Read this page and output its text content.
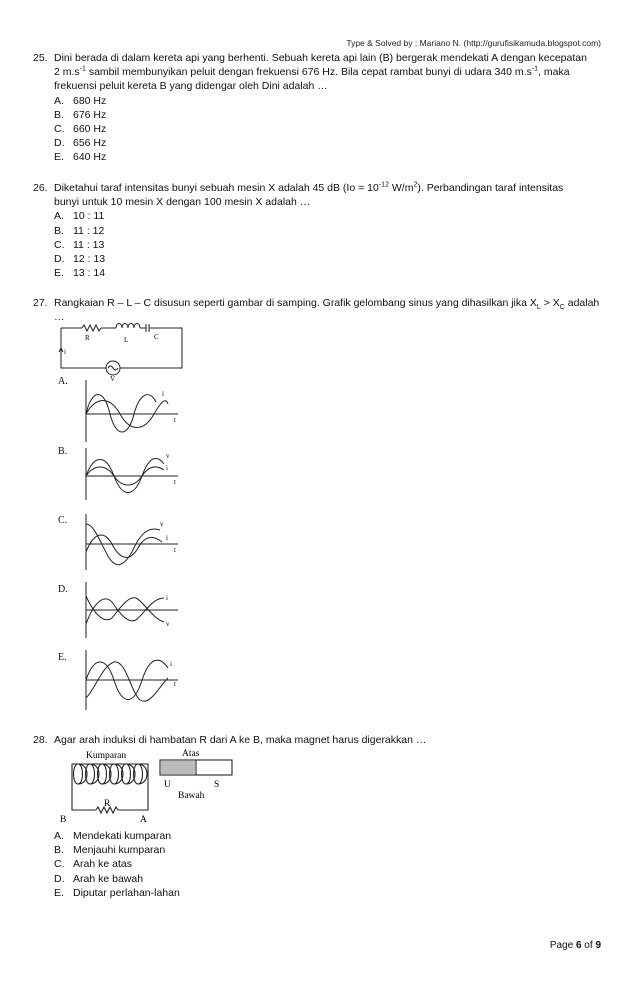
Type & Solved by : Mariano N. (http://gurufisikamuda.blogspot.com)
25. Dini berada di dalam kereta api yang berhenti. Sebuah kereta api lain (B) bergerak mendekati A dengan kecepatan
2 $m.s^{-1}$ sambil membunyikan peluit dengan frekuensi 676 Hz. Bila cepat rambat bunyi di udara 340 $m.s^{-1}$, maka
frekuensi peluit kereta B yang didengar oleh Dini adalah …
A. 680 Hz
B. 676 Hz
C. 660 Hz
D. 656 Hz
E. 640 Hz
26. Diketahui taraf intensitas bunyi sebuah mesin X adalah 45 dB ($Io = 10^{-12}$ $W/m^2$). Perbandingan taraf intensitas
bunyi untuk 10 mesin X dengan 100 mesin X adalah …
A. 10 : 11
B. 11 : 12
C. 11 : 13
D. 12 : 13
E. 13 : 14
27. Rangkaian R – L – C disusun seperti gambar di samping. Grafik gelombang sinus yang dihasilkan jika $X_L > X_C$ adalah
…
R	L	C
i
V
A.
i
t
B.	v
i
t
C.	v
i
t
D.
i
v
E.
i
t
28. Agar arah induksi di hambatan R dari A ke B, maka magnet harus digerakkan …
Kumparan
R
B	A
Atas
U	S
Bawah
A. Mendekati kumparan
B. Menjauhi kumparan
C. Arah ke atas
D. Arah ke bawah
E. Diputar perlahan-lahan
Page 6 of 9
